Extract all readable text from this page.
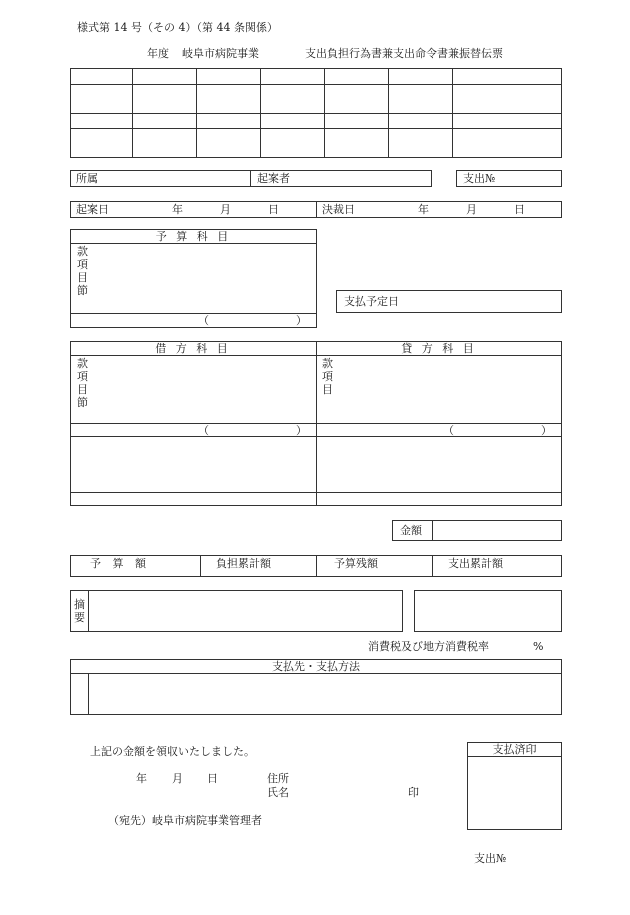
様式第 14 号（その 4）（第 44 条関係）
年度 岐阜市病院事業	支出負担行為書兼支出命令書兼振替伝票
所属	起案者	支出№
起案日	年	月	日	決裁日	年	月	日
予 算 科 目
款
項
目
節
（	）
支払予定日
借 方 科 目	貸 方 科 目
款
項
目
節
款
項
目
（	）	（	）
金額
予 算 額	負担累計額	予算残額	支出累計額
摘
要
消費税及び地方消費税率	%
支払先・支払方法
上記の金額を領収いたしました。
年 月 日	住所
氏名	印
（宛先）岐阜市病院事業管理者
支払済印
支出№
